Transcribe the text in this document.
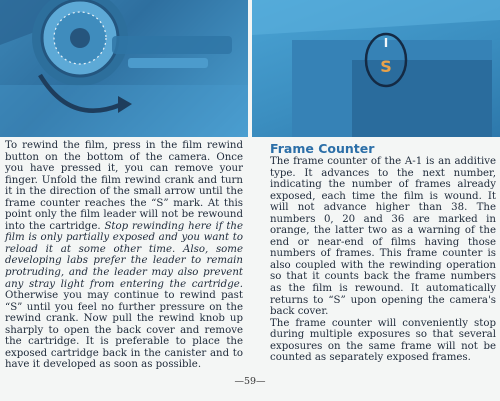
I
S

To rewind the film, press in the film rewind button on the bottom of the camera. Once you have pressed it, you can remove your finger. Unfold the film rewind crank and turn it in the direction of the small arrow until the frame counter reaches the “S” mark. At this point only the film leader will not be rewound into the cartridge. Stop rewinding here if the film is only partially exposed and you want to reload it at some other time. Also, some developing labs prefer the leader to remain protruding, and the leader may also prevent any stray light from entering the cartridge. Otherwise you may continue to rewind past “S” until you feel no further pressure on the rewind crank. Now pull the rewind knob up sharply to open the back cover and remove the cartridge. It is preferable to place the exposed cartridge back in the canister and to have it developed as soon as possible.

Frame Counter

The frame counter of the A-1 is an additive type. It advances to the next number, indicating the number of frames already exposed, each time the film is wound. It will not advance higher than 38. The numbers 0, 20 and 36 are marked in orange, the latter two as a warning of the end or near-end of films having those numbers of frames. This frame counter is also coupled with the rewinding operation so that it counts back the frame numbers as the film is rewound. It automatically returns to “S” upon opening the camera's back cover.

The frame counter will conveniently stop during multiple exposures so that several exposures on the same frame will not be counted as separately exposed frames.

—59—
